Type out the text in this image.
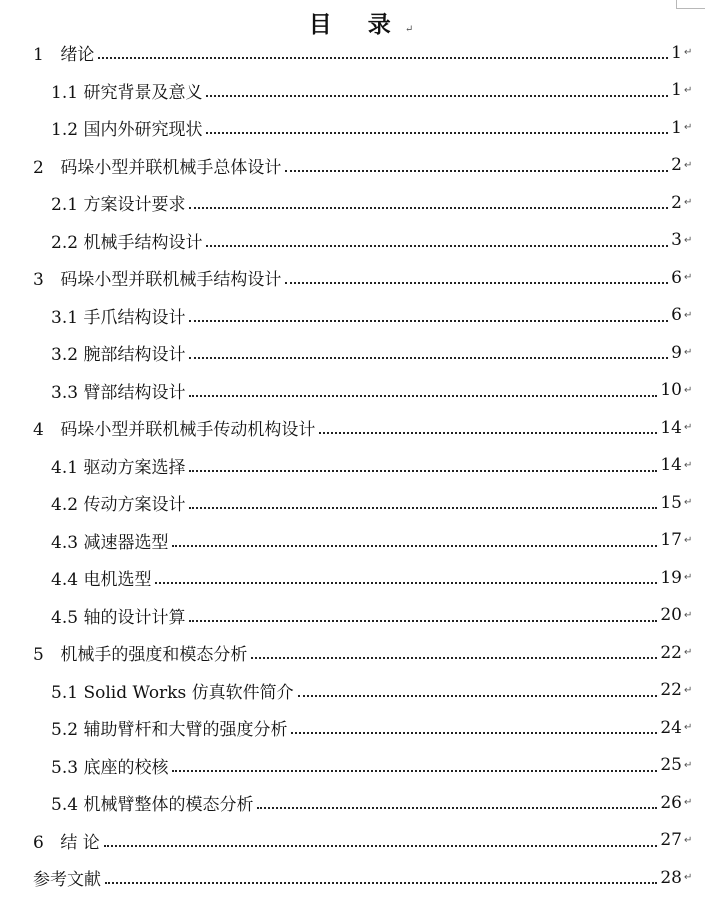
目 录↵
1 绪论	1 ↵
1.1 研究背景及意义	1 ↵
1.2 国内外研究现状	1 ↵
2 码垛小型并联机械手总体设计	2 ↵
2.1 方案设计要求	2 ↵
2.2 机械手结构设计	3 ↵
3 码垛小型并联机械手结构设计	6 ↵
3.1 手爪结构设计	6 ↵
3.2 腕部结构设计	9 ↵
3.3 臂部结构设计	10 ↵
4 码垛小型并联机械手传动机构设计	14 ↵
4.1 驱动方案选择	14 ↵
4.2 传动方案设计	15 ↵
4.3 减速器选型	17 ↵
4.4 电机选型	19 ↵
4.5 轴的设计计算	20 ↵
5 机械手的强度和模态分析	22 ↵
5.1 Solid Works 仿真软件简介	22 ↵
5.2 辅助臂杆和大臂的强度分析	24 ↵
5.3 底座的校核	25 ↵
5.4 机械臂整体的模态分析	26 ↵
6 结 论	27 ↵
参考文献	28 ↵
